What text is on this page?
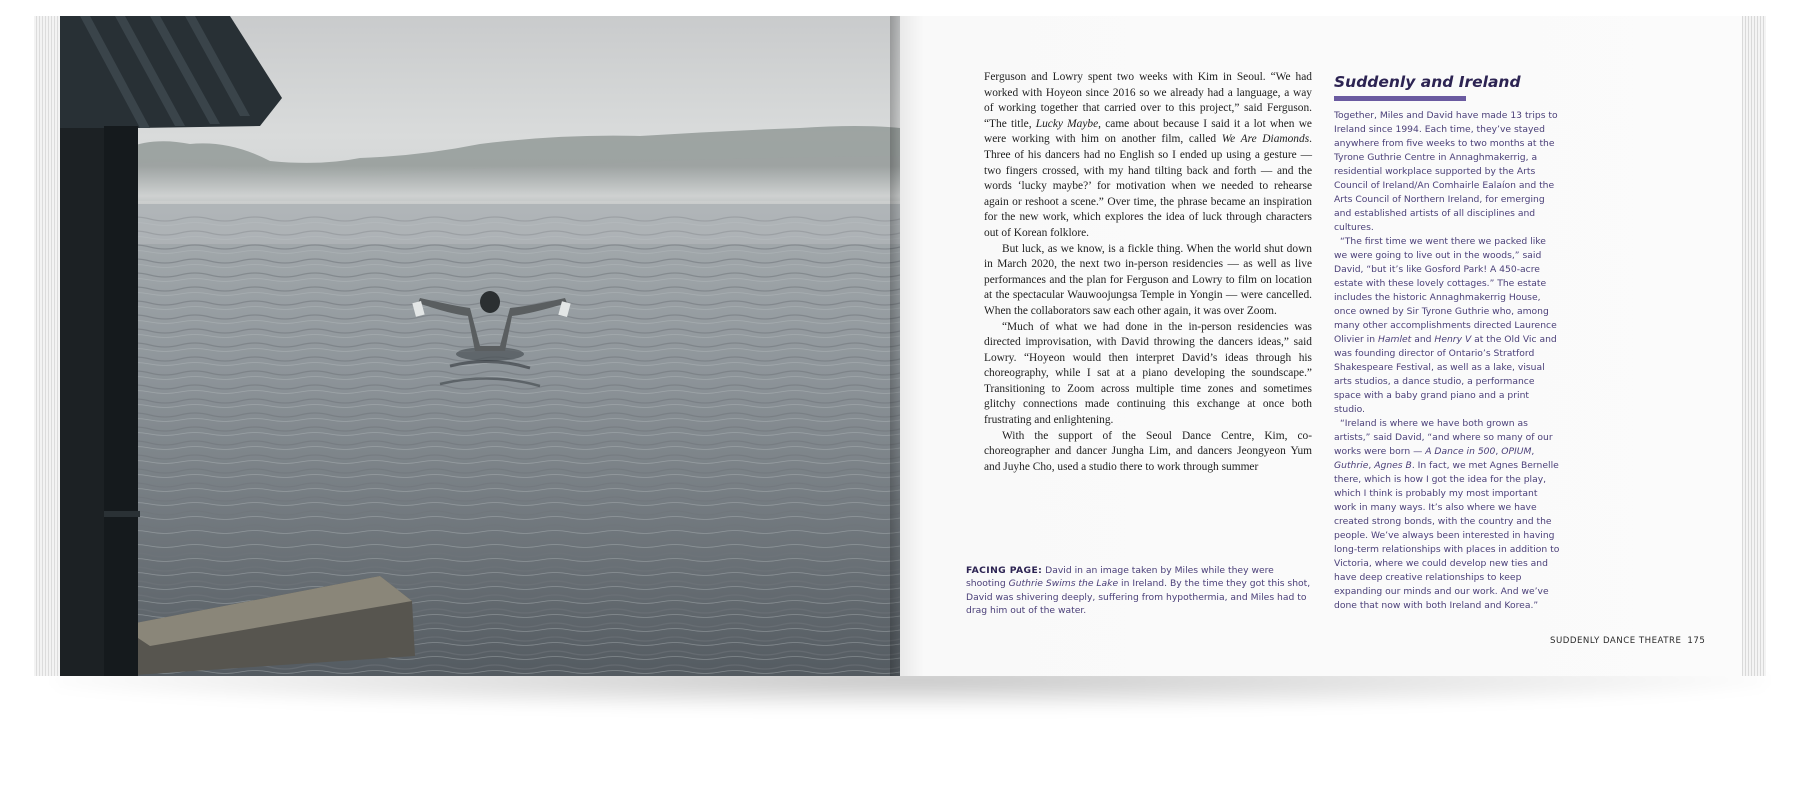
Ferguson and Lowry spent two weeks with Kim in Seoul. “We had worked with Hoyeon since 2016 so we already had a language, a way of working together that carried over to this project,” said Ferguson. “The title, Lucky Maybe, came about because I said it a lot when we were working with him on another film, called We Are Diamonds. Three of his dancers had no English so I ended up using a gesture — two fingers crossed, with my hand tilting back and forth — and the words ‘lucky maybe?’ for motivation when we needed to rehearse again or reshoot a scene.” Over time, the phrase became an inspiration for the new work, which explores the idea of luck through characters out of Korean folklore.

But luck, as we know, is a fickle thing. When the world shut down in March 2020, the next two in-person residencies — as well as live performances and the plan for Ferguson and Lowry to film on location at the spectacular Wauwoojungsa Temple in Yongin — were cancelled. When the collaborators saw each other again, it was over Zoom.

“Much of what we had done in the in-person residencies was directed improvisation, with David throwing the dancers ideas,” said Lowry. “Hoyeon would then interpret David’s ideas through his choreography, while I sat at a piano developing the soundscape.” Transitioning to Zoom across multiple time zones and sometimes glitchy connections made continuing this exchange at once both frustrating and enlightening.

With the support of the Seoul Dance Centre, Kim, co-choreographer and dancer Jungha Lim, and dancers Jeongyeon Yum and Juyhe Cho, used a studio there to work through summer

Suddenly and Ireland

Together, Miles and David have made 13 trips to Ireland since 1994. Each time, they’ve stayed anywhere from five weeks to two months at the Tyrone Guthrie Centre in Annaghmakerrig, a residential workplace supported by the Arts Council of Ireland/An Comhairle Ealaíon and the Arts Council of Northern Ireland, for emerging and established artists of all disciplines and cultures.

“The first time we went there we packed like we were going to live out in the woods,” said David, “but it’s like Gosford Park! A 450-acre estate with these lovely cottages.” The estate includes the historic Annaghmakerrig House, once owned by Sir Tyrone Guthrie who, among many other accomplishments directed Laurence Olivier in Hamlet and Henry V at the Old Vic and was founding director of Ontario’s Stratford Shakespeare Festival, as well as a lake, visual arts studios, a dance studio, a performance space with a baby grand piano and a print studio.

“Ireland is where we have both grown as artists,” said David, “and where so many of our works were born — A Dance in 500, OPIUM, Guthrie, Agnes B. In fact, we met Agnes Bernelle there, which is how I got the idea for the play, which I think is probably my most important work in many ways. It’s also where we have created strong bonds, with the country and the people. We’ve always been interested in having long-term relationships with places in addition to Victoria, where we could develop new ties and have deep creative relationships to keep expanding our minds and our work. And we’ve done that now with both Ireland and Korea.”

FACING PAGE: David in an image taken by Miles while they were shooting Guthrie Swims the Lake in Ireland. By the time they got this shot, David was shivering deeply, suffering from hypothermia, and Miles had to drag him out of the water.
SUDDENLY DANCE THEATRE 175
